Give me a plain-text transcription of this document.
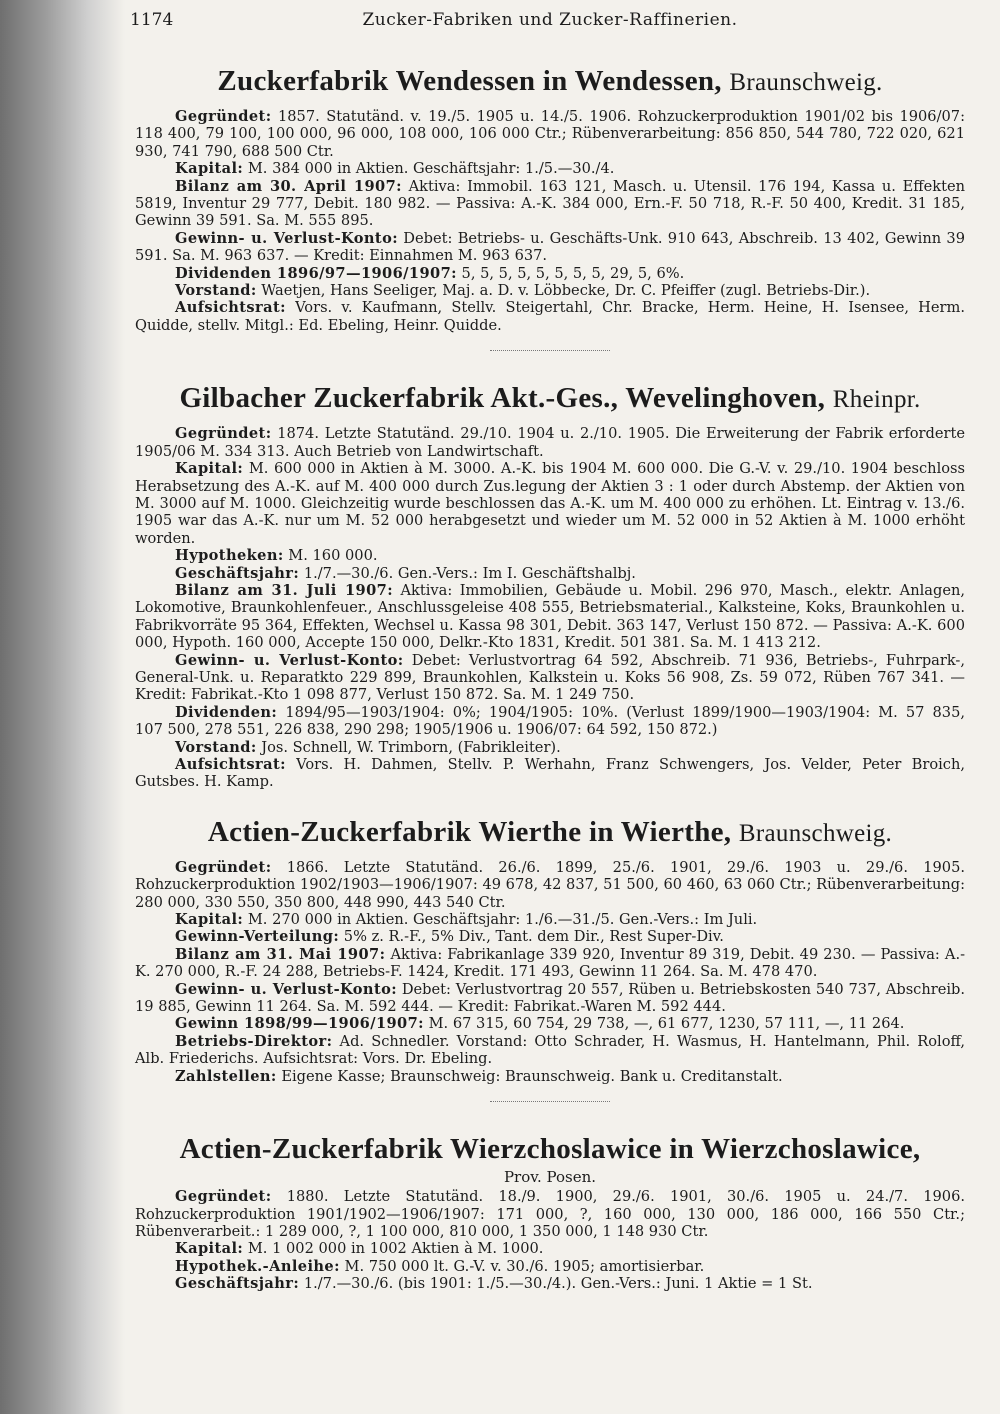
1174	Zucker-Fabriken und Zucker-Raffinerien.
Zuckerfabrik Wendessen in Wendessen, Braunschweig.

Gegründet: 1857. Statutänd. v. 19./5. 1905 u. 14./5. 1906. Rohzuckerproduktion 1901/02 bis 1906/07: 118 400, 79 100, 100 000, 96 000, 108 000, 106 000 Ctr.; Rübenverarbeitung: 856 850, 544 780, 722 020, 621 930, 741 790, 688 500 Ctr.

Kapital: M. 384 000 in Aktien. Geschäftsjahr: 1./5.—30./4.

Bilanz am 30. April 1907: Aktiva: Immobil. 163 121, Masch. u. Utensil. 176 194, Kassa u. Effekten 5819, Inventur 29 777, Debit. 180 982. — Passiva: A.-K. 384 000, Ern.-F. 50 718, R.-F. 50 400, Kredit. 31 185, Gewinn 39 591. Sa. M. 555 895.

Gewinn- u. Verlust-Konto: Debet: Betriebs- u. Geschäfts-Unk. 910 643, Abschreib. 13 402, Gewinn 39 591. Sa. M. 963 637. — Kredit: Einnahmen M. 963 637.

Dividenden 1896/97—1906/1907: 5, 5, 5, 5, 5, 5, 5, 5, 29, 5, 6%.

Vorstand: Waetjen, Hans Seeliger, Maj. a. D. v. Löbbecke, Dr. C. Pfeiffer (zugl. Betriebs-Dir.).

Aufsichtsrat: Vors. v. Kaufmann, Stellv. Steigertahl, Chr. Bracke, Herm. Heine, H. Isensee, Herm. Quidde, stellv. Mitgl.: Ed. Ebeling, Heinr. Quidde.

Gilbacher Zuckerfabrik Akt.-Ges., Wevelinghoven, Rheinpr.

Gegründet: 1874. Letzte Statutänd. 29./10. 1904 u. 2./10. 1905. Die Erweiterung der Fabrik erforderte 1905/06 M. 334 313. Auch Betrieb von Landwirtschaft.

Kapital: M. 600 000 in Aktien à M. 3000. A.-K. bis 1904 M. 600 000. Die G.-V. v. 29./10. 1904 beschloss Herabsetzung des A.-K. auf M. 400 000 durch Zus.legung der Aktien 3 : 1 oder durch Abstemp. der Aktien von M. 3000 auf M. 1000. Gleichzeitig wurde beschlossen das A.-K. um M. 400 000 zu erhöhen. Lt. Eintrag v. 13./6. 1905 war das A.-K. nur um M. 52 000 herabgesetzt und wieder um M. 52 000 in 52 Aktien à M. 1000 erhöht worden.

Hypotheken: M. 160 000.

Geschäftsjahr: 1./7.—30./6. Gen.-Vers.: Im I. Geschäftshalbj.

Bilanz am 31. Juli 1907: Aktiva: Immobilien, Gebäude u. Mobil. 296 970, Masch., elektr. Anlagen, Lokomotive, Braunkohlenfeuer., Anschlussgeleise 408 555, Betriebsmaterial., Kalksteine, Koks, Braunkohlen u. Fabrikvorräte 95 364, Effekten, Wechsel u. Kassa 98 301, Debit. 363 147, Verlust 150 872. — Passiva: A.-K. 600 000, Hypoth. 160 000, Accepte 150 000, Delkr.-Kto 1831, Kredit. 501 381. Sa. M. 1 413 212.

Gewinn- u. Verlust-Konto: Debet: Verlustvortrag 64 592, Abschreib. 71 936, Betriebs-, Fuhrpark-, General-Unk. u. Reparatkto 229 899, Braunkohlen, Kalkstein u. Koks 56 908, Zs. 59 072, Rüben 767 341. — Kredit: Fabrikat.-Kto 1 098 877, Verlust 150 872. Sa. M. 1 249 750.

Dividenden: 1894/95—1903/1904: 0%; 1904/1905: 10%. (Verlust 1899/1900—1903/1904: M. 57 835, 107 500, 278 551, 226 838, 290 298; 1905/1906 u. 1906/07: 64 592, 150 872.)

Vorstand: Jos. Schnell, W. Trimborn, (Fabrikleiter).

Aufsichtsrat: Vors. H. Dahmen, Stellv. P. Werhahn, Franz Schwengers, Jos. Velder, Peter Broich, Gutsbes. H. Kamp.

Actien-Zuckerfabrik Wierthe in Wierthe, Braunschweig.

Gegründet: 1866. Letzte Statutänd. 26./6. 1899, 25./6. 1901, 29./6. 1903 u. 29./6. 1905. Rohzuckerproduktion 1902/1903—1906/1907: 49 678, 42 837, 51 500, 60 460, 63 060 Ctr.; Rübenverarbeitung: 280 000, 330 550, 350 800, 448 990, 443 540 Ctr.

Kapital: M. 270 000 in Aktien. Geschäftsjahr: 1./6.—31./5. Gen.-Vers.: Im Juli.

Gewinn-Verteilung: 5% z. R.-F., 5% Div., Tant. dem Dir., Rest Super-Div.

Bilanz am 31. Mai 1907: Aktiva: Fabrikanlage 339 920, Inventur 89 319, Debit. 49 230. — Passiva: A.-K. 270 000, R.-F. 24 288, Betriebs-F. 1424, Kredit. 171 493, Gewinn 11 264. Sa. M. 478 470.

Gewinn- u. Verlust-Konto: Debet: Verlustvortrag 20 557, Rüben u. Betriebskosten 540 737, Abschreib. 19 885, Gewinn 11 264. Sa. M. 592 444. — Kredit: Fabrikat.-Waren M. 592 444.

Gewinn 1898/99—1906/1907: M. 67 315, 60 754, 29 738, —, 61 677, 1230, 57 111, —, 11 264.

Betriebs-Direktor: Ad. Schnedler. Vorstand: Otto Schrader, H. Wasmus, H. Hantelmann, Phil. Roloff, Alb. Friederichs. Aufsichtsrat: Vors. Dr. Ebeling.

Zahlstellen: Eigene Kasse; Braunschweig: Braunschweig. Bank u. Creditanstalt.

Actien-Zuckerfabrik Wierzchoslawice in Wierzchoslawice,
Prov. Posen.

Gegründet: 1880. Letzte Statutänd. 18./9. 1900, 29./6. 1901, 30./6. 1905 u. 24./7. 1906. Rohzuckerproduktion 1901/1902—1906/1907: 171 000, ?, 160 000, 130 000, 186 000, 166 550 Ctr.; Rübenverarbeit.: 1 289 000, ?, 1 100 000, 810 000, 1 350 000, 1 148 930 Ctr.

Kapital: M. 1 002 000 in 1002 Aktien à M. 1000.

Hypothek.-Anleihe: M. 750 000 lt. G.-V. v. 30./6. 1905; amortisierbar.

Geschäftsjahr: 1./7.—30./6. (bis 1901: 1./5.—30./4.). Gen.-Vers.: Juni. 1 Aktie = 1 St.
